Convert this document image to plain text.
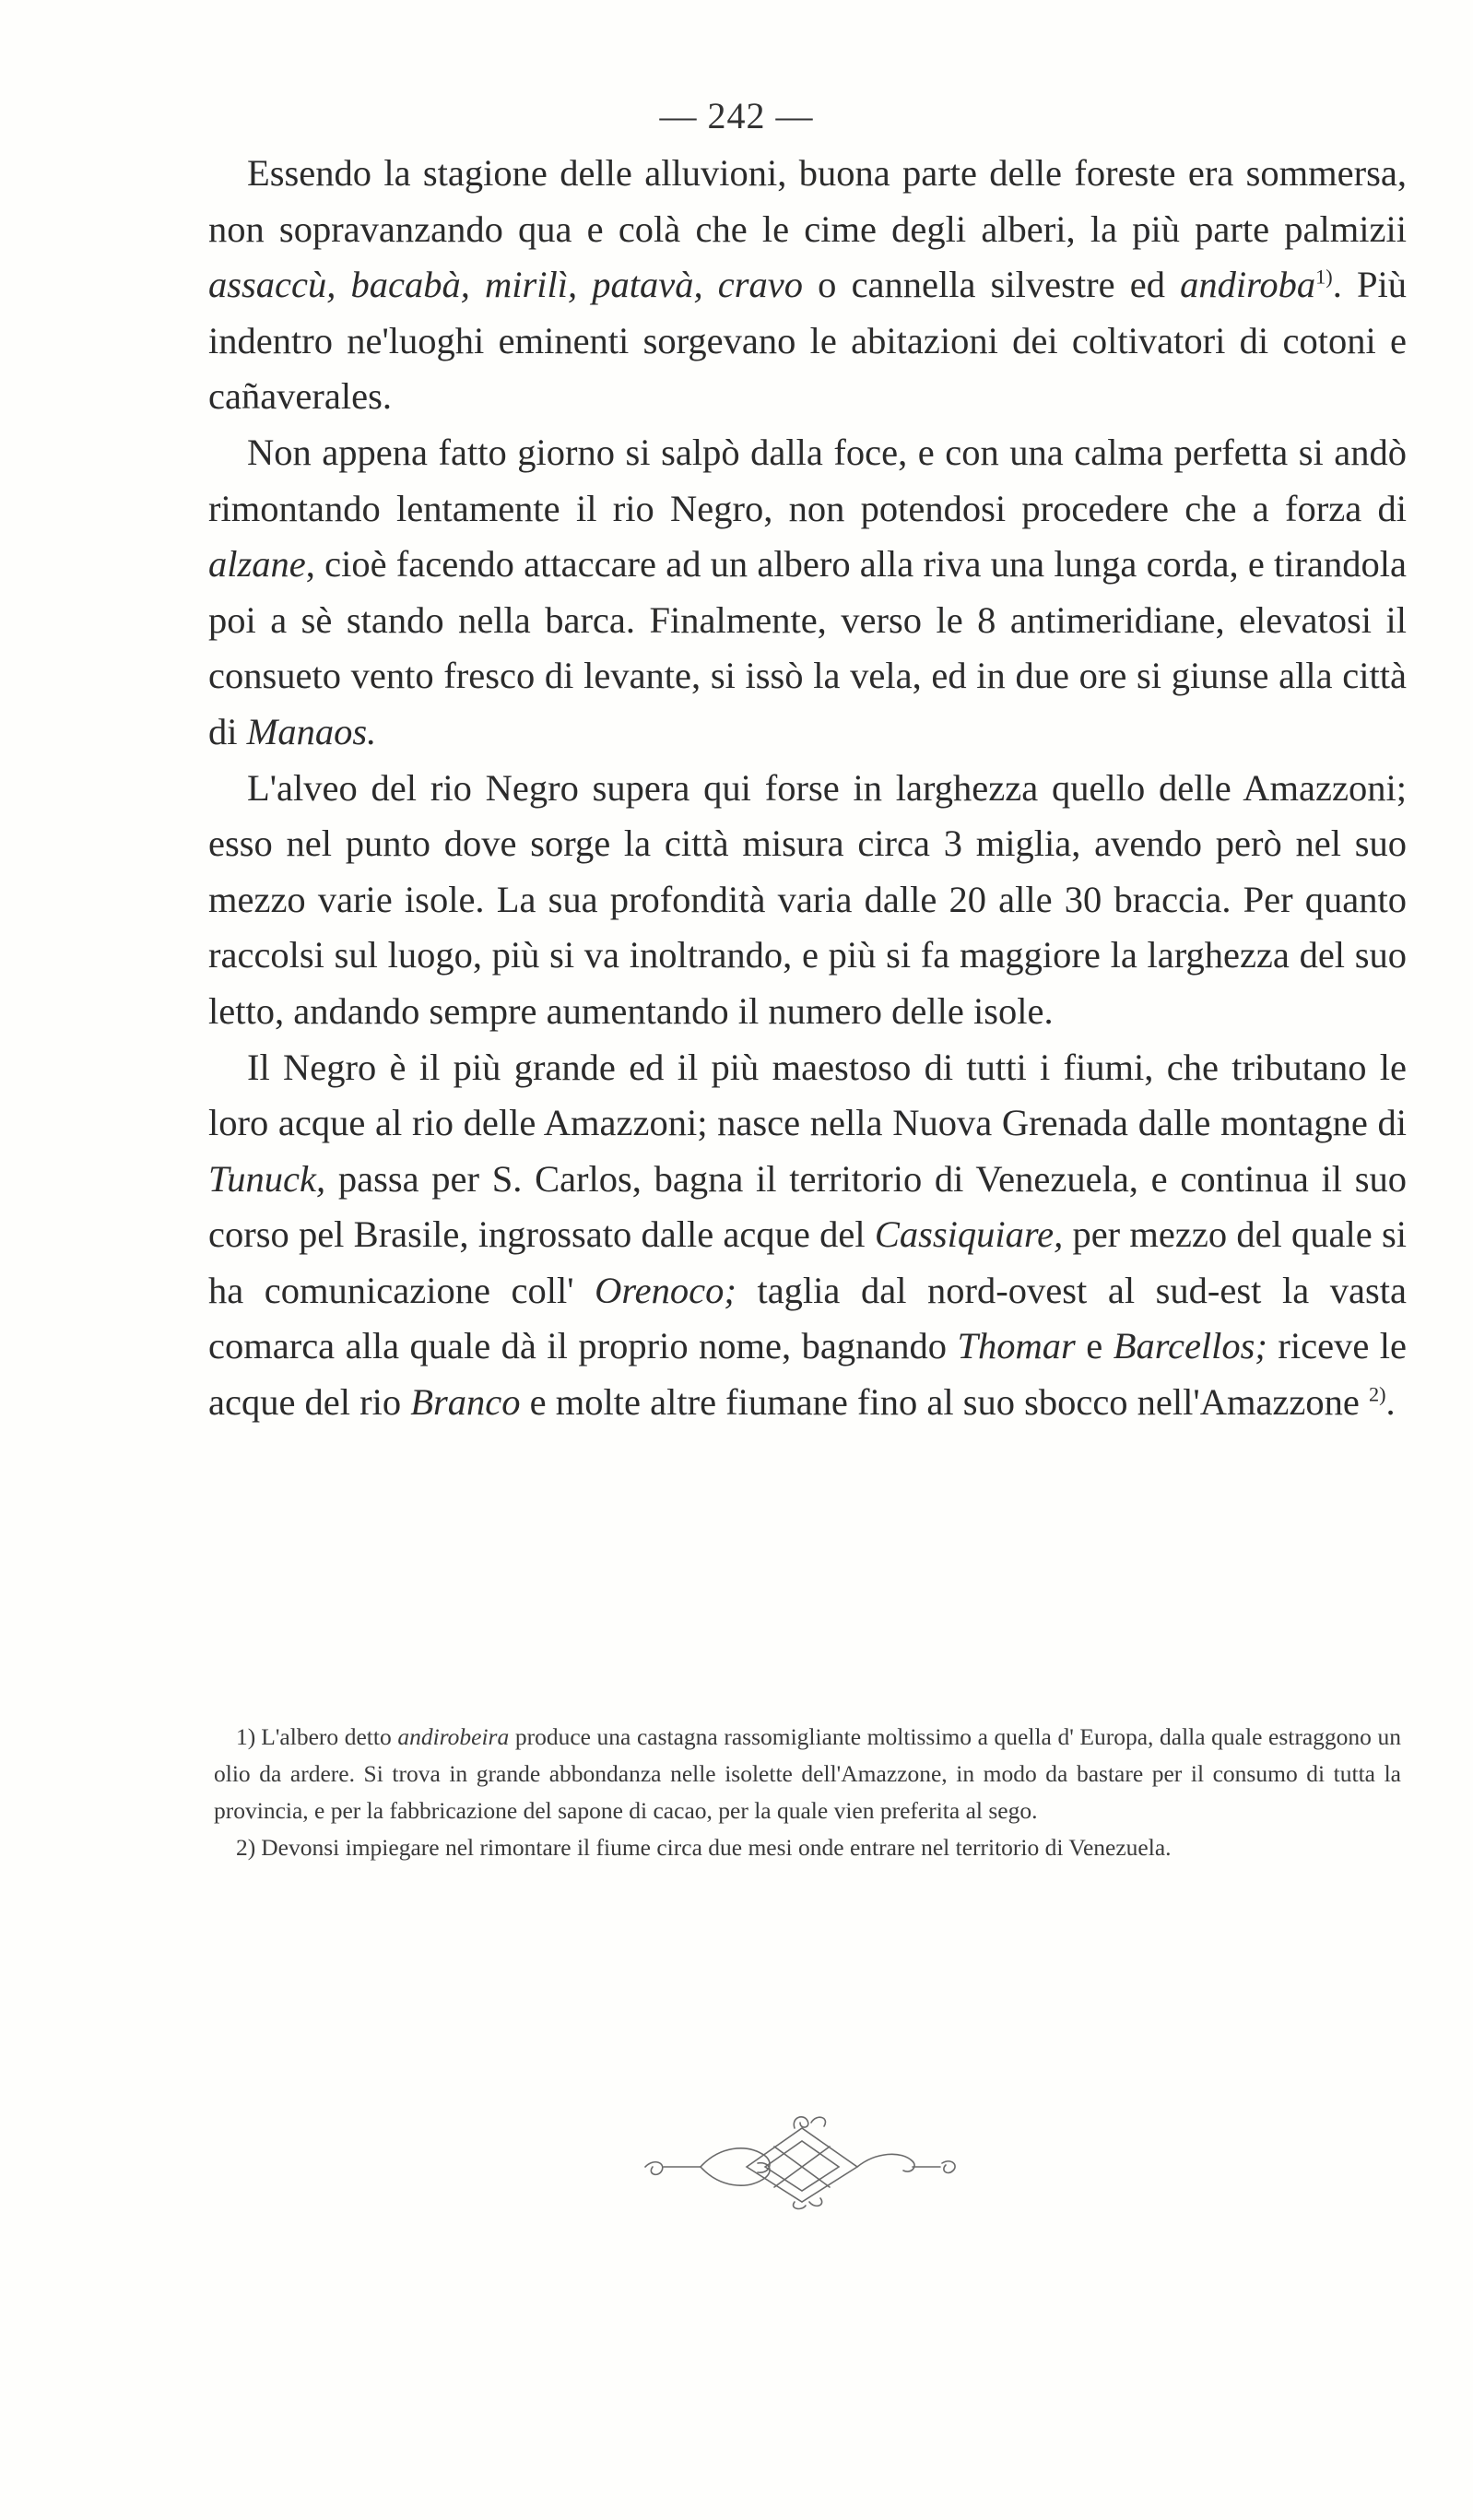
— 242 —

Essendo la stagione delle alluvioni, buona parte delle foreste era sommersa, non sopravanzando qua e colà che le cime degli alberi, la più parte palmizii assaccù, bacabà, mirilì, patavà, cravo o cannella silvestre ed andiroba$^{1)}$. Più indentro ne'luoghi eminenti sorgevano le abitazioni dei coltivatori di cotoni e cañaverales.

Non appena fatto giorno si salpò dalla foce, e con una calma perfetta si andò rimontando lentamente il rio Negro, non potendosi procedere che a forza di alzane, cioè facendo attaccare ad un albero alla riva una lunga corda, e tirandola poi a sè stando nella barca. Finalmente, verso le 8 antimeridiane, elevatosi il consueto vento fresco di levante, si issò la vela, ed in due ore si giunse alla città di Manaos.

L'alveo del rio Negro supera qui forse in larghezza quello delle Amazzoni; esso nel punto dove sorge la città misura circa 3 miglia, avendo però nel suo mezzo varie isole. La sua profondità varia dalle 20 alle 30 braccia. Per quanto raccolsi sul luogo, più si va inoltrando, e più si fa maggiore la larghezza del suo letto, andando sempre aumentando il numero delle isole.

Il Negro è il più grande ed il più maestoso di tutti i fiumi, che tributano le loro acque al rio delle Amazzoni; nasce nella Nuova Grenada dalle montagne di Tunuck, passa per S. Carlos, bagna il territorio di Venezuela, e continua il suo corso pel Brasile, ingrossato dalle acque del Cassiquiare, per mezzo del quale si ha comunicazione coll' Orenoco; taglia dal nord-ovest al sud-est la vasta comarca alla quale dà il proprio nome, bagnando Thomar e Barcellos; riceve le acque del rio Branco e molte altre fiumane fino al suo sbocco nell'Amazzone $^{2)}$.

1) L'albero detto andirobeira produce una castagna rassomigliante moltissimo a quella d' Europa, dalla quale estraggono un olio da ardere. Si trova in grande abbondanza nelle isolette dell'Amazzone, in modo da bastare per il consumo di tutta la provincia, e per la fabbricazione del sapone di cacao, per la quale vien preferita al sego.

2) Devonsi impiegare nel rimontare il fiume circa due mesi onde entrare nel territorio di Venezuela.
